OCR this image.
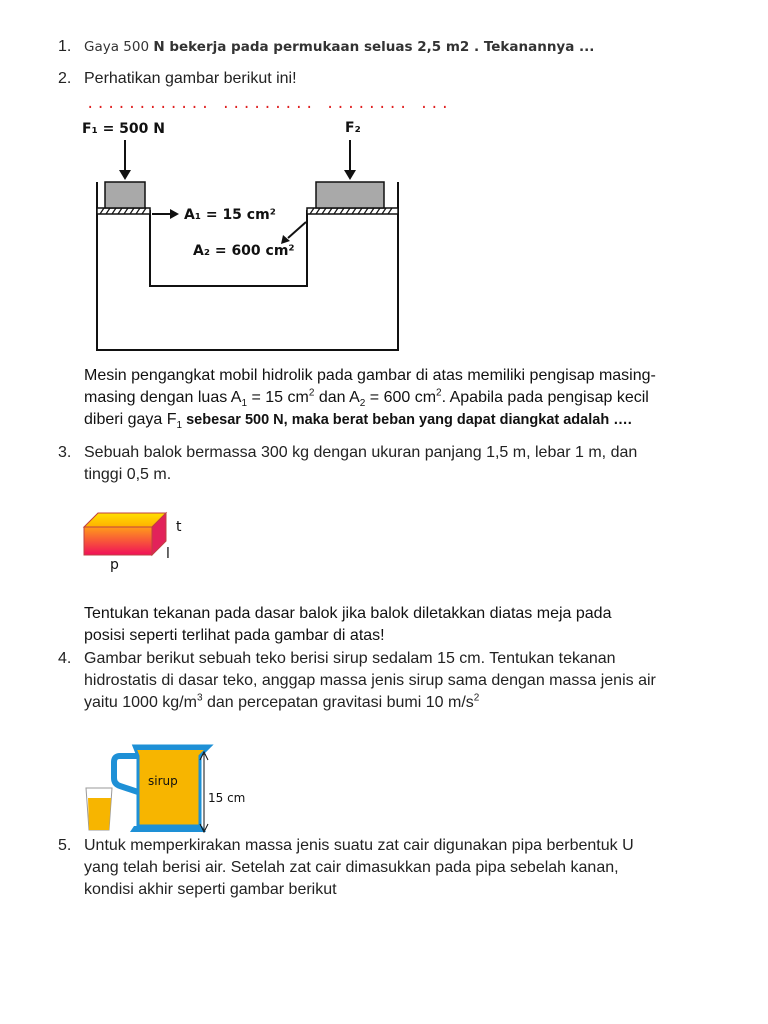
1. Gaya 500 N bekerja pada permukaan seluas 2,5 m2 . Tekanannya ...
2. Perhatikan gambar berikut ini!
............ ......... ........ ...
F₁ = 500 N	F₂
A₁ = 15 cm²
A₂ = 600 cm²
Mesin pengangkat mobil hidrolik pada gambar di atas memiliki pengisap masing-
masing dengan luas $A_1 = 15$ $cm^2$ dan $A_2 = 600$ $cm^2$. Apabila pada pengisap kecil
diberi gaya $F_1$ sebesar 500 N, maka berat beban yang dapat diangkat adalah ….
3. Sebuah balok bermassa 300 kg dengan ukuran panjang 1,5 m, lebar 1 m, dan
tinggi 0,5 m.
t
l
p
Tentukan tekanan pada dasar balok jika balok diletakkan diatas meja pada
posisi seperti terlihat pada gambar di atas!
4. Gambar berikut sebuah teko berisi sirup sedalam 15 cm. Tentukan tekanan
hidrostatis di dasar teko, anggap massa jenis sirup sama dengan massa jenis air
yaitu 1000 $kg/m^3$ dan percepatan gravitasi bumi 10 $m/s^2$
sirup
15 cm
5. Untuk memperkirakan massa jenis suatu zat cair digunakan pipa berbentuk U
yang telah berisi air. Setelah zat cair dimasukkan pada pipa sebelah kanan,
kondisi akhir seperti gambar berikut
